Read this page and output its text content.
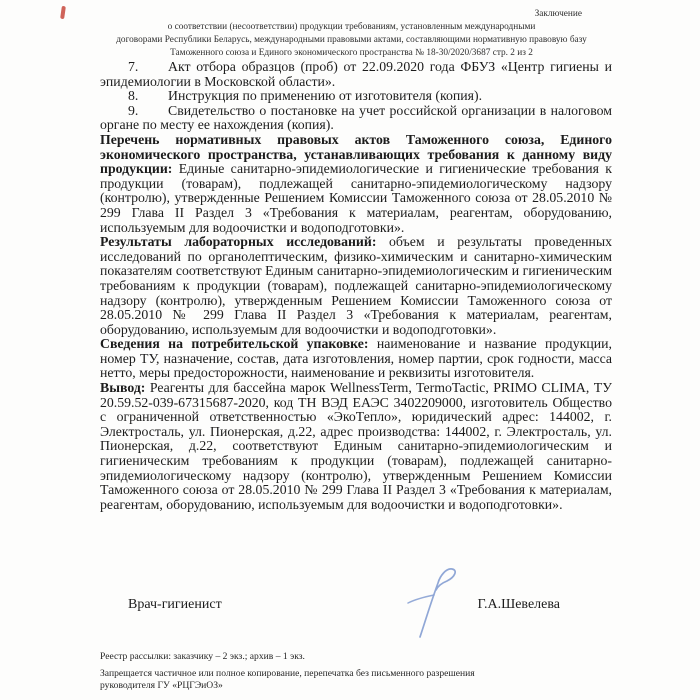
Заключение
о соответствии (несоответствии) продукции требованиям, установленным международными
договорами Республики Беларусь, международными правовыми актами, составляющими нормативную правовую базу
Таможенного союза и Единого экономического пространства № 18-30/2020/3687 стр. 2 из 2

7. Акт отбора образцов (проб) от 22.09.2020 года ФБУЗ «Центр гигиены и эпидемиологии в Московской области».

8. Инструкция по применению от изготовителя (копия).

9. Свидетельство о постановке на учет российской организации в налоговом органе по месту ее нахождения (копия).

Перечень нормативных правовых актов Таможенного союза, Единого экономического пространства, устанавливающих требования к данному виду продукции: Единые санитарно-эпидемиологические и гигиенические требования к продукции (товарам), подлежащей санитарно-эпидемиологическому надзору (контролю), утвержденные Решением Комиссии Таможенного союза от 28.05.2010 № 299 Глава II Раздел 3 «Требования к материалам, реагентам, оборудованию, используемым для водоочистки и водоподготовки».

Результаты лабораторных исследований: объем и результаты проведенных исследований по органолептическим, физико-химическим и санитарно-химическим показателям соответствуют Единым санитарно-эпидемиологическим и гигиеническим требованиям к продукции (товарам), подлежащей санитарно-эпидемиологическому надзору (контролю), утвержденным Решением Комиссии Таможенного союза от 28.05.2010 № 299 Глава II Раздел 3 «Требования к материалам, реагентам, оборудованию, используемым для водоочистки и водоподготовки».

Сведения на потребительской упаковке: наименование и название продукции, номер ТУ, назначение, состав, дата изготовления, номер партии, срок годности, масса нетто, меры предосторожности, наименование и реквизиты изготовителя.

Вывод: Реагенты для бассейна марок WellnessTerm, TermoTactic, PRIMO CLIMA, ТУ 20.59.52-039-67315687-2020, код ТН ВЭД ЕАЭС 3402209000, изготовитель Общество с ограниченной ответственностью «ЭкоТепло», юридический адрес: 144002, г. Электросталь, ул. Пионерская, д.22, адрес производства: 144002, г. Электросталь, ул. Пионерская, д.22, соответствуют Единым санитарно-эпидемиологическим и гигиеническим требованиям к продукции (товарам), подлежащей санитарно-эпидемиологическому надзору (контролю), утвержденным Решением Комиссии Таможенного союза от 28.05.2010 № 299 Глава II Раздел 3 «Требования к материалам, реагентам, оборудованию, используемым для водоочистки и водоподготовки».

Врач-гигиенист	Г.А.Шевелева
Реестр рассылки: заказчику – 2 экз.; архив – 1 экз.
Запрещается частичное или полное копирование, перепечатка без письменного разрешения
руководителя ГУ «РЦГЭиОЗ»
